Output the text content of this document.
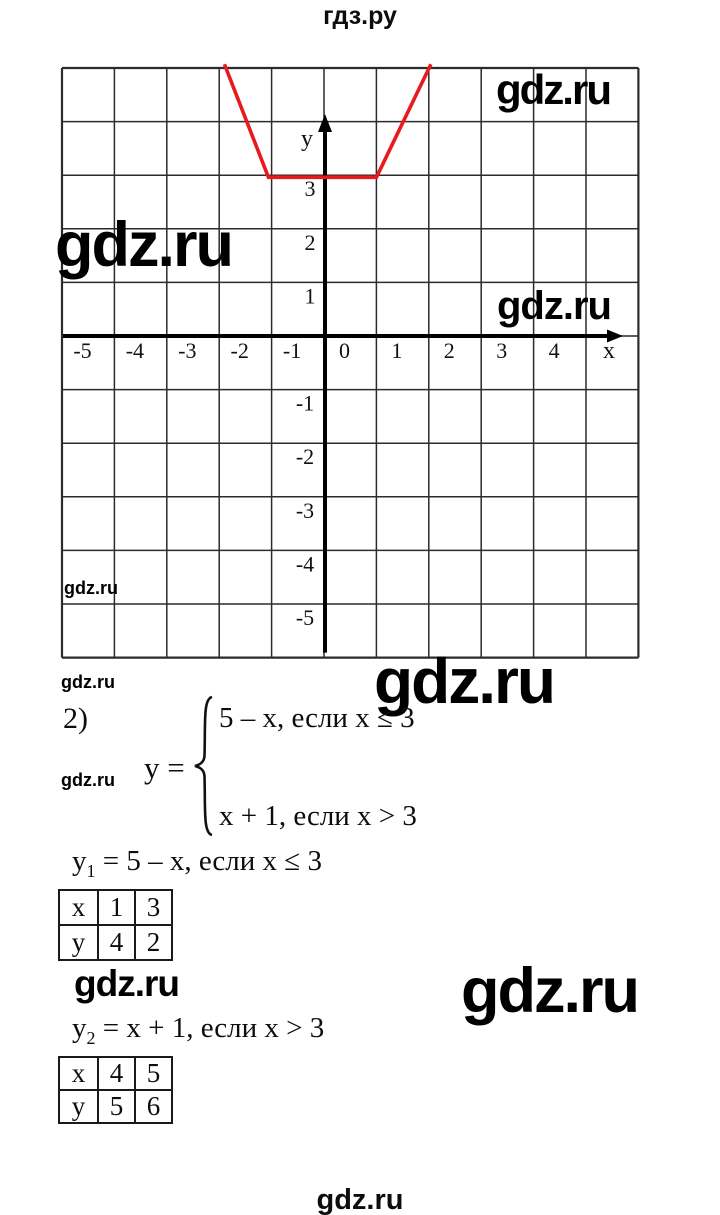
гдз.ру
-5 -4 -3 -2 -1 0 1 2 3 4
3
2
1
-1
-2
-3
-4
-5
x
y
gdz.ru
gdz.ru
gdz.ru
gdz.ru
gdz.ru
gdz.ru
2)
gdz.ru y =
5 – x, если x ≤ 3
x + 1, если x > 3
$y_1 = 5 - x$, если x ≤ 3
x	1	3
y	4	2
gdz.ru	gdz.ru
$y_2 = x + 1$, если x > 3
x	4	5
y	5	6
gdz.ru
